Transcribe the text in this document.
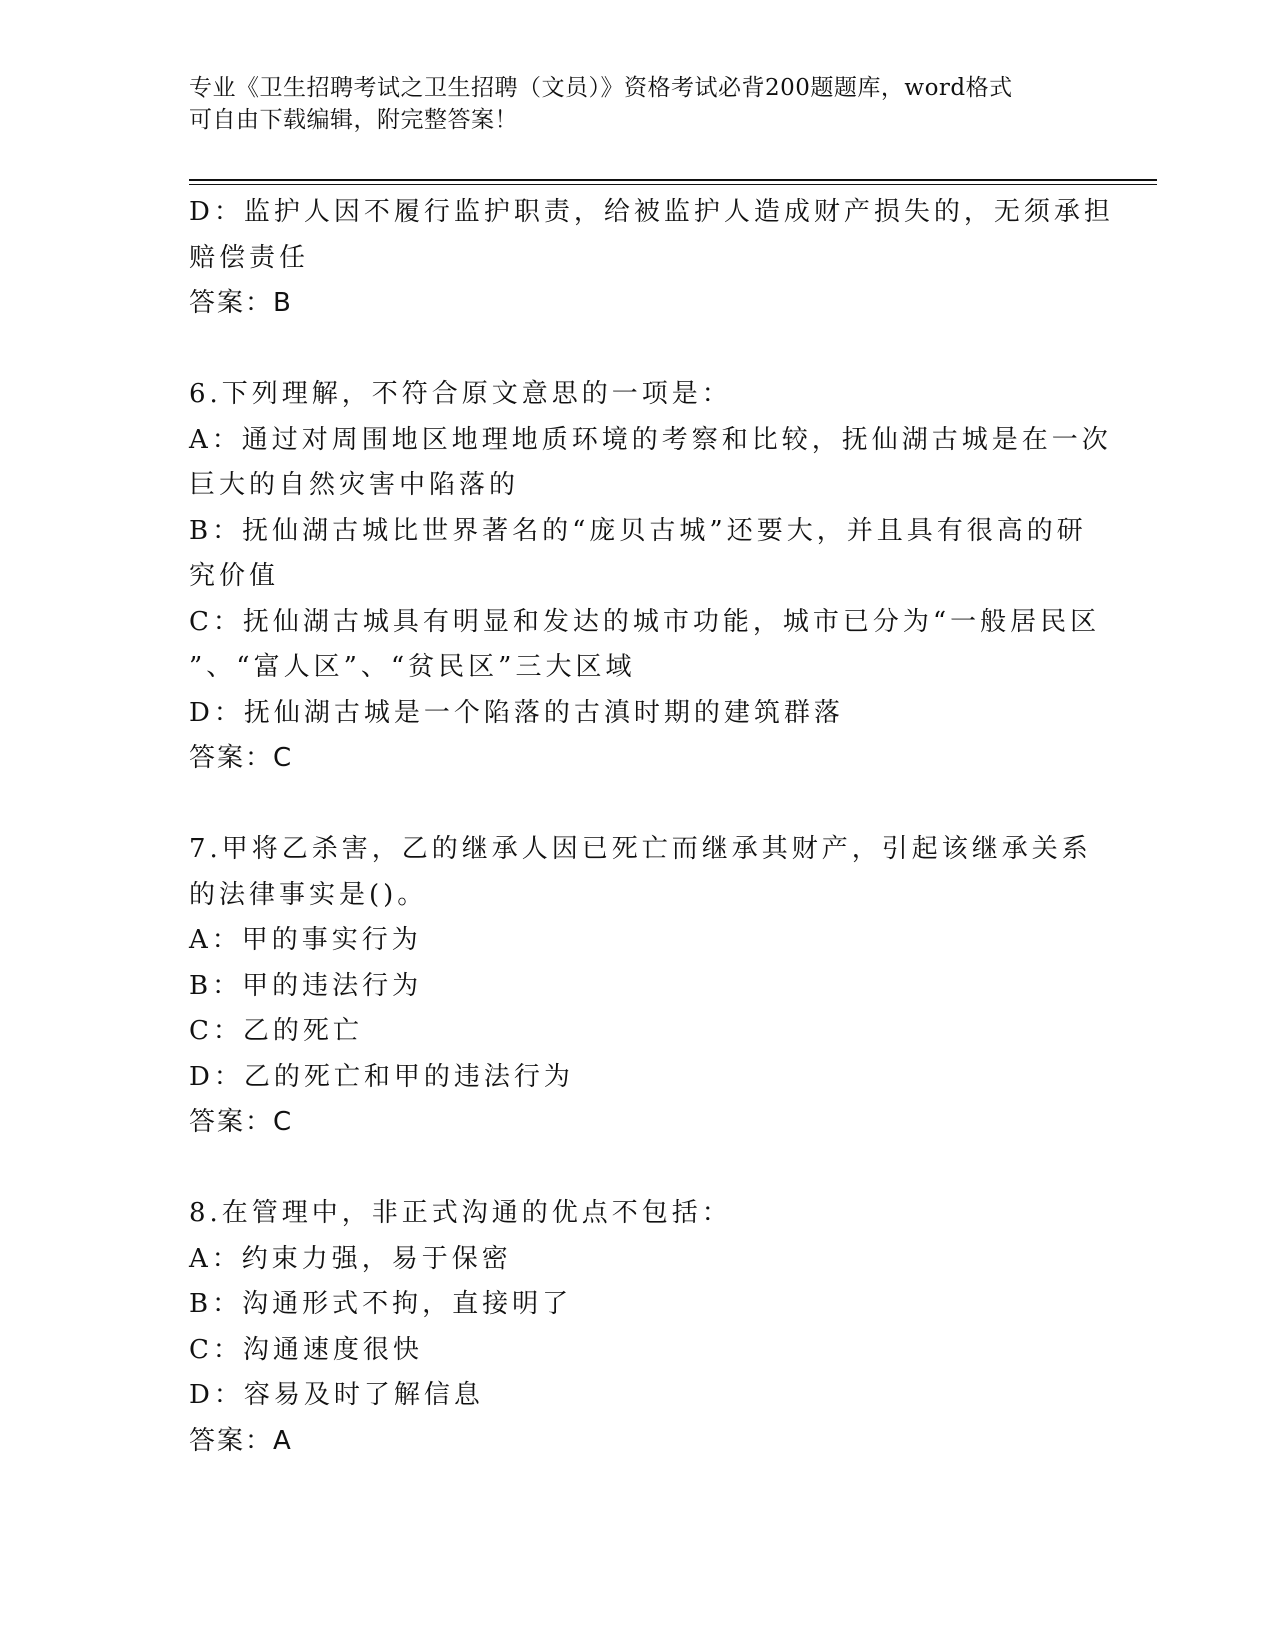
专业《卫生招聘考试之卫生招聘（文员）》资格考试必背200题题库，word格式
可自由下载编辑，附完整答案！
D：监护人因不履行监护职责，给被监护人造成财产损失的，无须承担
赔偿责任
答案：B
6.下列理解，不符合原文意思的一项是：
A：通过对周围地区地理地质环境的考察和比较，抚仙湖古城是在一次
巨大的自然灾害中陷落的
B：抚仙湖古城比世界著名的“庞贝古城”还要大，并且具有很高的研
究价值
C：抚仙湖古城具有明显和发达的城市功能，城市已分为“一般居民区
”、“富人区”、“贫民区”三大区域
D：抚仙湖古城是一个陷落的古滇时期的建筑群落
答案：C
7.甲将乙杀害，乙的继承人因已死亡而继承其财产，引起该继承关系
的法律事实是()。
A：甲的事实行为
B：甲的违法行为
C：乙的死亡
D：乙的死亡和甲的违法行为
答案：C
8.在管理中，非正式沟通的优点不包括：
A：约束力强，易于保密
B：沟通形式不拘，直接明了
C：沟通速度很快
D：容易及时了解信息
答案：A
